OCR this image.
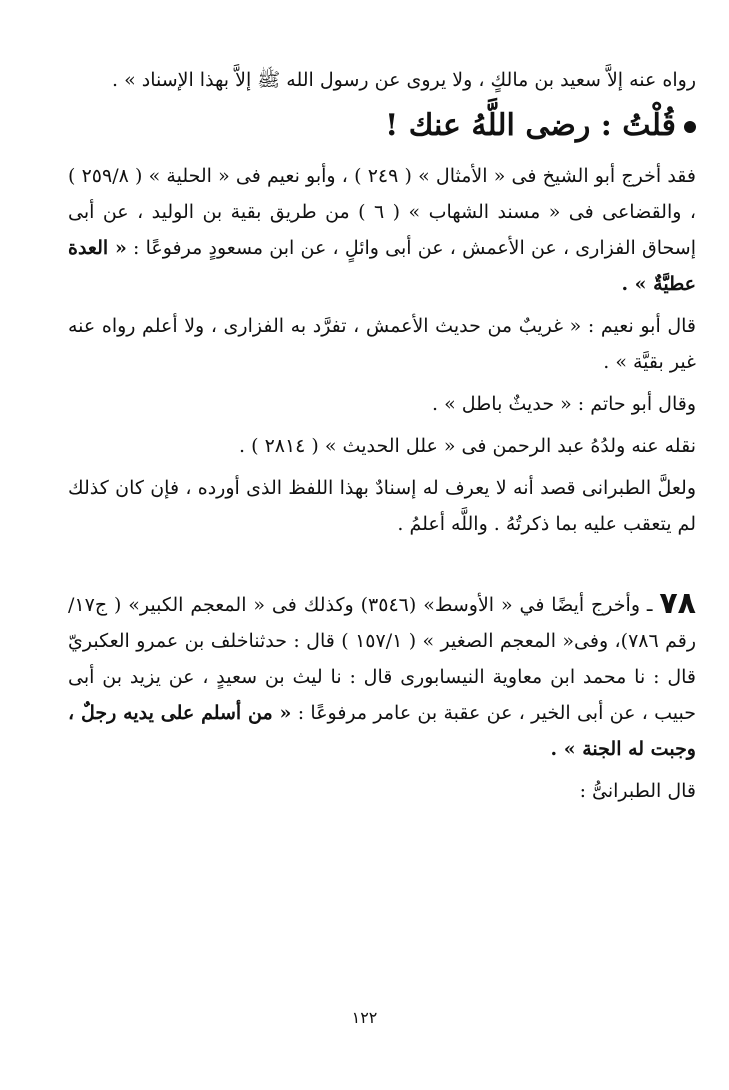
رواه عنه إلاَّ سعيد بن مالكٍ ، ولا يروى عن رسول الله ﷺ إلاَّ بهذا الإسناد » .

قُلْتُ : رضى اللَّهُ عنك !

فقد أخرج أبو الشيخ فى « الأمثال » ( ٢٤٩ ) ، وأبو نعيم فى « الحلية » ( ٢٥٩/٨ ) ، والقضاعى فى « مسند الشهاب » ( ٦ ) من طريق بقية بن الوليد ، عن أبى إسحاق الفزارى ، عن الأعمش ، عن أبى وائلٍ ، عن ابن مسعودٍ مرفوعًا : « العدة عطيَّةٌ » .

قال أبو نعيم : « غريبٌ من حديث الأعمش ، تفرَّد به الفزارى ، ولا أعلم رواه عنه غير بقيَّة » .

وقال أبو حاتم : « حديثٌ باطل » .

نقله عنه ولدُهُ عبد الرحمن فى « علل الحديث » ( ٢٨١٤ ) .

ولعلَّ الطبرانى قصد أنه لا يعرف له إسنادٌ بهذا اللفظ الذى أورده ، فإن كان كذلك لم يتعقب عليه بما ذكرتُهُ . واللَّه أعلمُ .

٧٨ ـ وأخرج أيضًا في « الأوسط» (٣٥٤٦) وكذلك فى « المعجم الكبير» ( ج١٧/ رقم ٧٨٦)، وفى« المعجم الصغير » ( ١٥٧/١ ) قال : حدثناخلف بن عمرو العكبريّ قال : نا محمد ابن معاوية النيسابورى قال : نا ليث بن سعيدٍ ، عن يزيد بن أبى حبيب ، عن أبى الخير ، عن عقبة بن عامر مرفوعًا : « من أسلم على يديه رجلٌ ، وجبت له الجنة » .

قال الطبرانىُّ :

١٢٢
